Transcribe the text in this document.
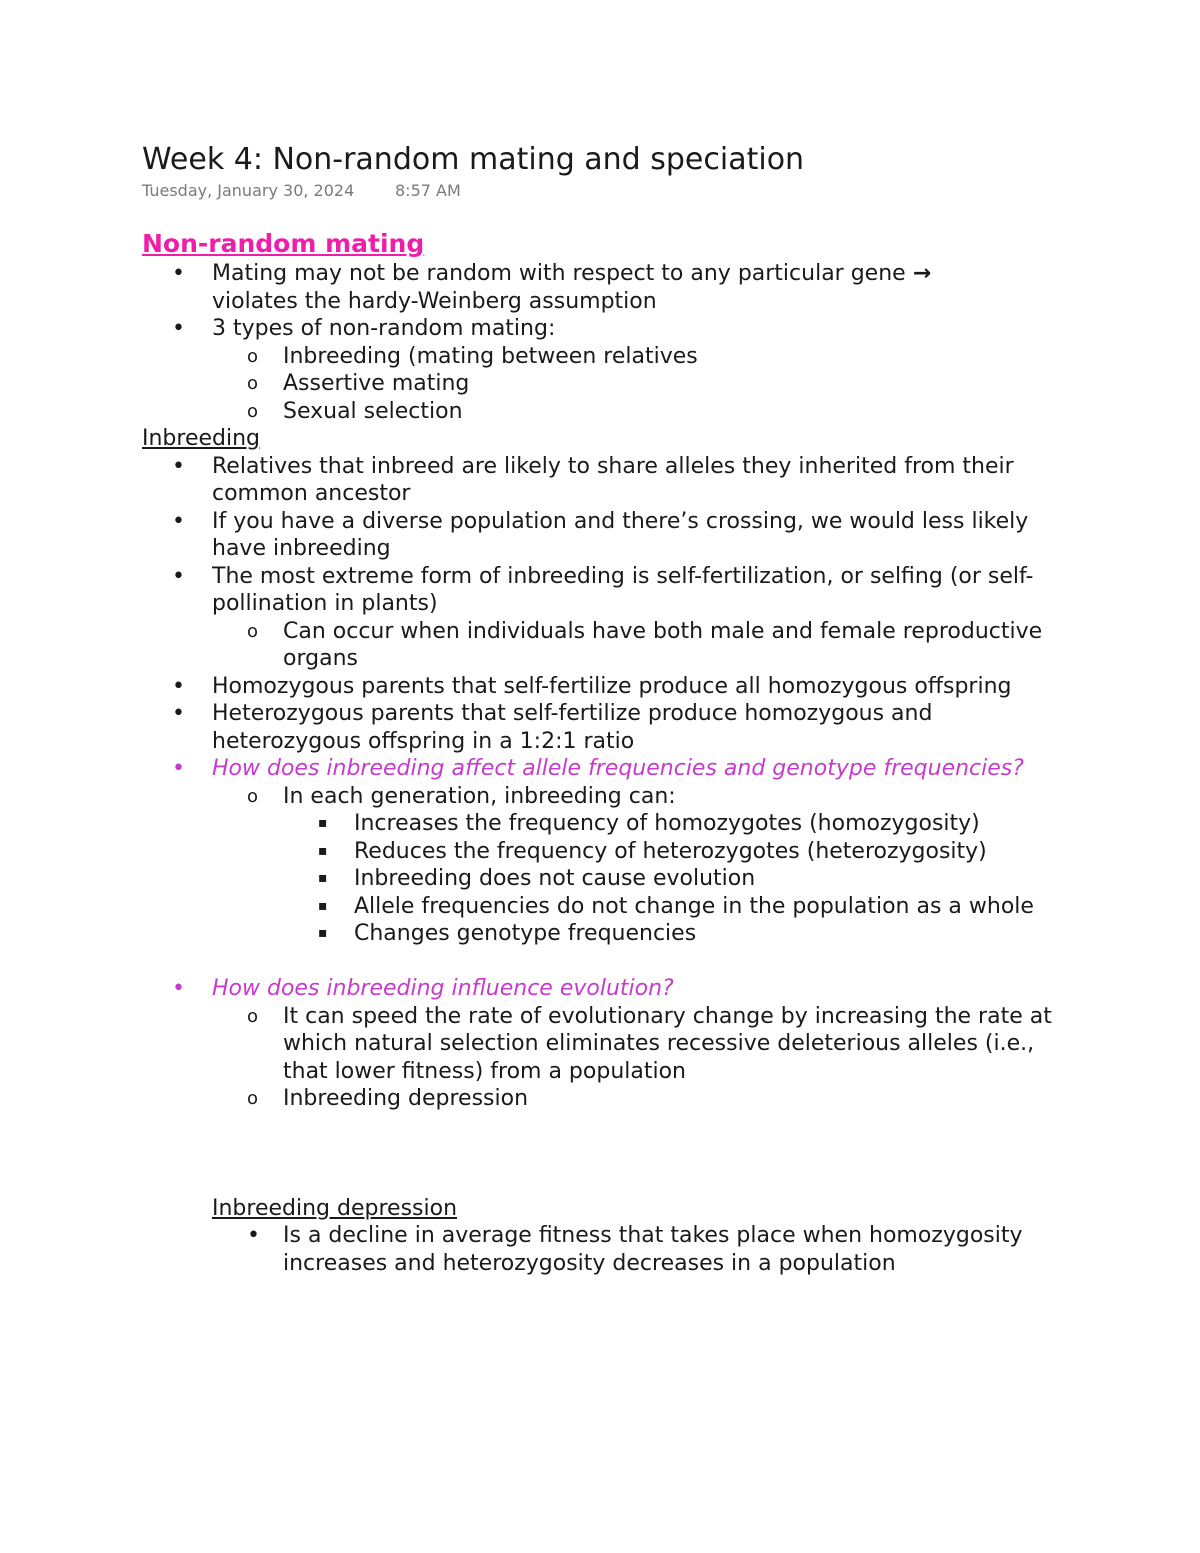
Week 4: Non-random mating and speciation
Tuesday, January 30, 2024	8:57 AM
Non-random mating
• Mating may not be random with respect to any particular gene →
violates the hardy-Weinberg assumption
• 3 types of non-random mating:
o Inbreeding (mating between relatives
o Assertive mating
o Sexual selection
Inbreeding
• Relatives that inbreed are likely to share alleles they inherited from their common ancestor
• If you have a diverse population and there’s crossing, we would less likely have inbreeding
• The most extreme form of inbreeding is self-fertilization, or selfing (or self-pollination in plants)
o Can occur when individuals have both male and female reproductive organs
• Homozygous parents that self-fertilize produce all homozygous offspring
• Heterozygous parents that self-fertilize produce homozygous and heterozygous offspring in a 1:2:1 ratio
• How does inbreeding affect allele frequencies and genotype frequencies?
o In each generation, inbreeding can:
▪ Increases the frequency of homozygotes (homozygosity)
▪ Reduces the frequency of heterozygotes (heterozygosity)
▪ Inbreeding does not cause evolution
▪ Allele frequencies do not change in the population as a whole
▪ Changes genotype frequencies
• How does inbreeding influence evolution?
o It can speed the rate of evolutionary change by increasing the rate at which natural selection eliminates recessive deleterious alleles (i.e., that lower fitness) from a population
o Inbreeding depression
Inbreeding depression
• Is a decline in average fitness that takes place when homozygosity increases and heterozygosity decreases in a population
